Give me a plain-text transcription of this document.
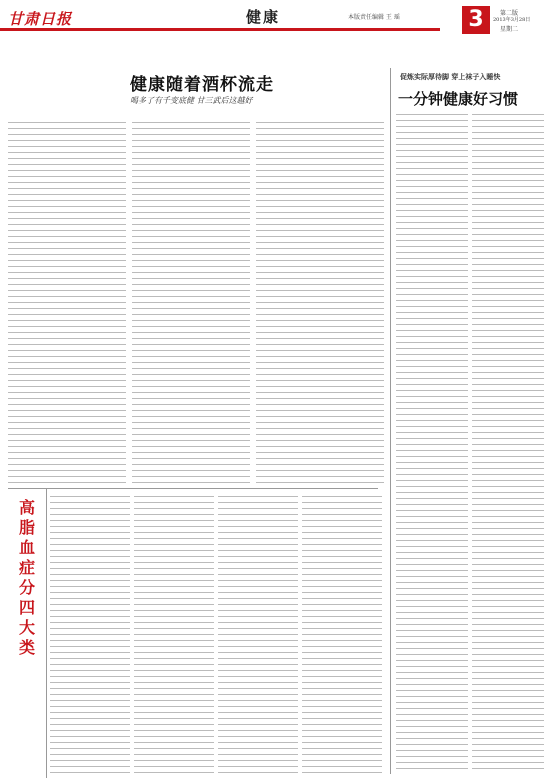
甘肃日报	健康	本版责任编辑 王 瑶	3	第二版
2013年3月28日
星期二
健康随着酒杯流走
喝多了有千变底健 甘三武后这越好
促炼实际厚待脚 穿上袜子入睡快
一分钟健康好习惯
高脂血症分四大类
